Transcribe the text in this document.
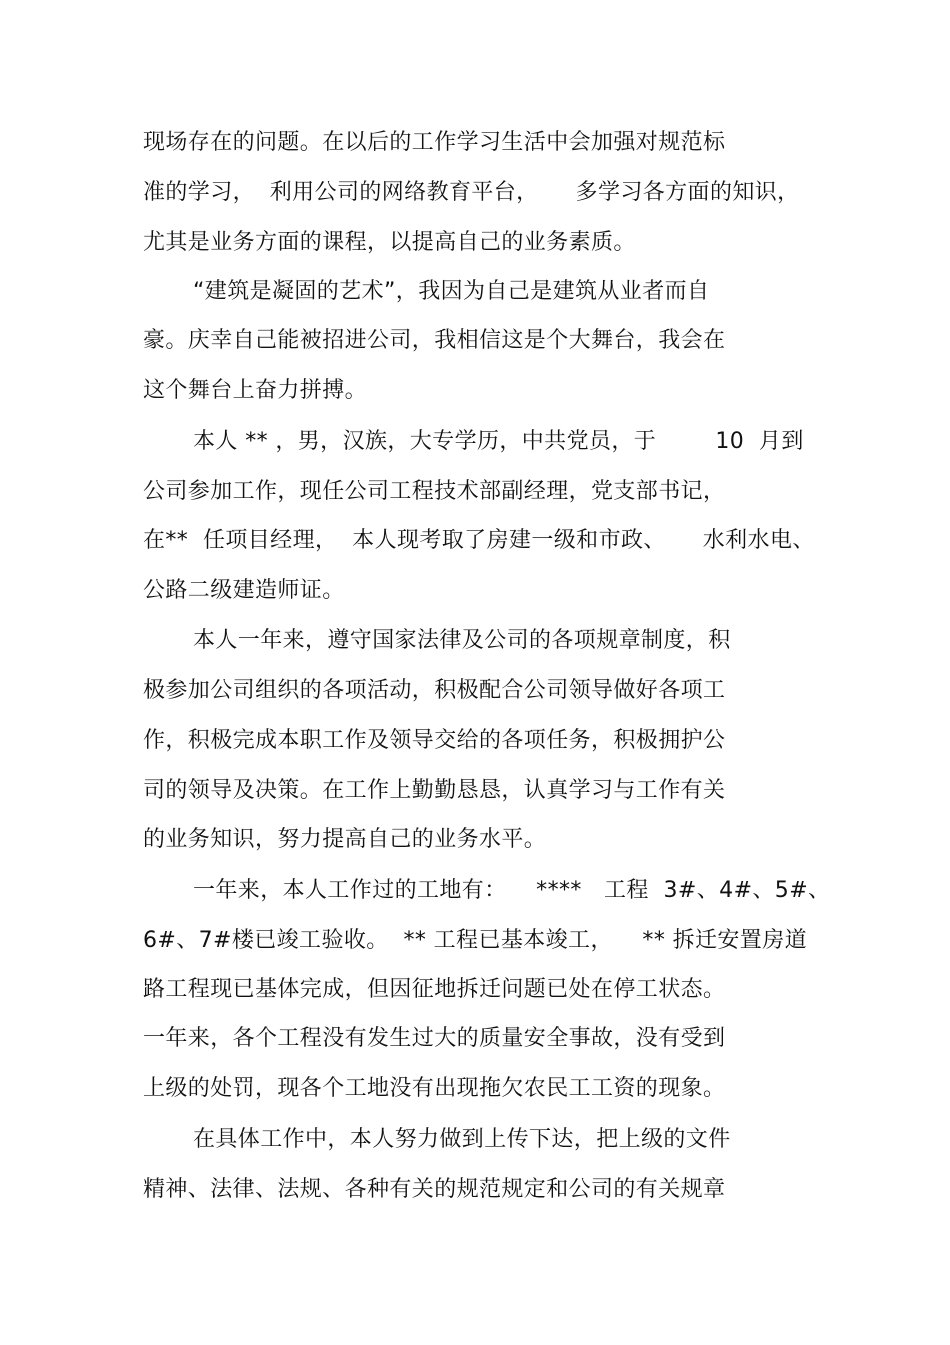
现场存在的问题。在以后的工作学习生活中会加强对规范标
准的学习，  利用公司的网络教育平台，     多学习各方面的知识，
尤其是业务方面的课程，以提高自己的业务素质。
“建筑是凝固的艺术”，我因为自己是建筑从业者而自
豪。庆幸自己能被招进公司，我相信这是个大舞台，我会在
这个舞台上奋力拼搏。
本人 ** ，男，汉族，大专学历，中共党员，于        10  月到
公司参加工作，现任公司工程技术部副经理，党支部书记，
在**  任项目经理，  本人现考取了房建一级和市政、     水利水电、
公路二级建造师证。
本人一年来，遵守国家法律及公司的各项规章制度，积
极参加公司组织的各项活动，积极配合公司领导做好各项工
作，积极完成本职工作及领导交给的各项任务，积极拥护公
司的领导及决策。在工作上勤勤恳恳，认真学习与工作有关
的业务知识，努力提高自己的业务水平。
一年来，本人工作过的工地有：    ****   工程  3#、4#、5#、
6#、7#楼已竣工验收。  ** 工程已基本竣工，    ** 拆迁安置房道
路工程现已基体完成，但因征地拆迁问题已处在停工状态。
一年来，各个工程没有发生过大的质量安全事故，没有受到
上级的处罚，现各个工地没有出现拖欠农民工工资的现象。
在具体工作中，本人努力做到上传下达，把上级的文件
精神、法律、法规、各种有关的规范规定和公司的有关规章
